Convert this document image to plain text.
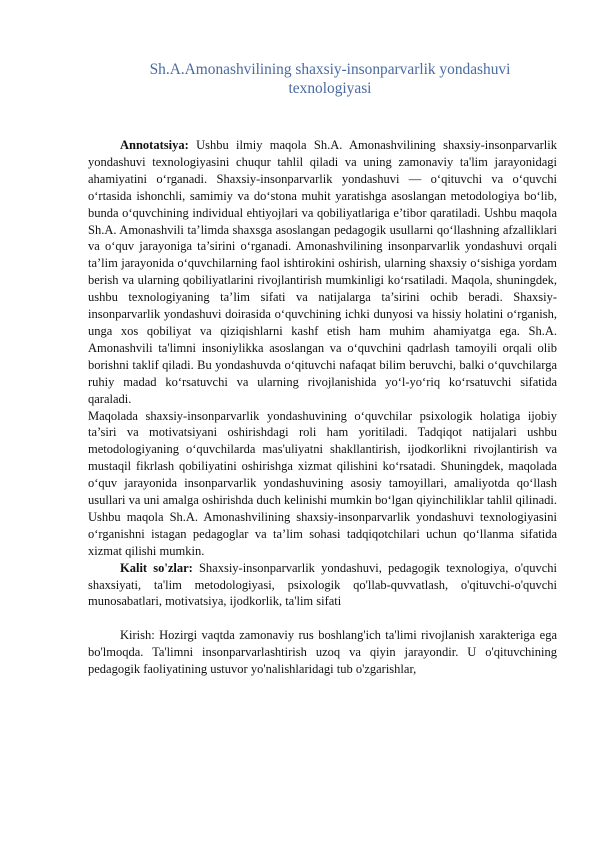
Sh.A.Amonashvilining shaxsiy-insonparvarlik yondashuvi
texnologiyasi

Annotatsiya: Ushbu ilmiy maqola Sh.A. Amonashvilining shaxsiy-insonparvarlik yondashuvi texnologiyasini chuqur tahlil qiladi va uning zamonaviy ta'lim jarayonidagi ahamiyatini o‘rganadi. Shaxsiy-insonparvarlik yondashuvi — o‘qituvchi va o‘quvchi o‘rtasida ishonchli, samimiy va do‘stona muhit yaratishga asoslangan metodologiya bo‘lib, bunda o‘quvchining individual ehtiyojlari va qobiliyatlariga e’tibor qaratiladi. Ushbu maqola Sh.A. Amonashvili ta’limda shaxsga asoslangan pedagogik usullarni qo‘llashning afzalliklari va o‘quv jarayoniga ta’sirini o‘rganadi. Amonashvilining insonparvarlik yondashuvi orqali ta’lim jarayonida o‘quvchilarning faol ishtirokini oshirish, ularning shaxsiy o‘sishiga yordam berish va ularning qobiliyatlarini rivojlantirish mumkinligi ko‘rsatiladi. Maqola, shuningdek, ushbu texnologiyaning ta’lim sifati va natijalarga ta’sirini ochib beradi. Shaxsiy-insonparvarlik yondashuvi doirasida o‘quvchining ichki dunyosi va hissiy holatini o‘rganish, unga xos qobiliyat va qiziqishlarni kashf etish ham muhim ahamiyatga ega. Sh.A. Amonashvili ta'limni insoniylikka asoslangan va o‘quvchini qadrlash tamoyili orqali olib borishni taklif qiladi. Bu yondashuvda o‘qituvchi nafaqat bilim beruvchi, balki o‘quvchilarga ruhiy madad ko‘rsatuvchi va ularning rivojlanishida yo‘l-yo‘riq ko‘rsatuvchi sifatida qaraladi.

Maqolada shaxsiy-insonparvarlik yondashuvining o‘quvchilar psixologik holatiga ijobiy ta’siri va motivatsiyani oshirishdagi roli ham yoritiladi. Tadqiqot natijalari ushbu metodologiyaning o‘quvchilarda mas'uliyatni shakllantirish, ijodkorlikni rivojlantirish va mustaqil fikrlash qobiliyatini oshirishga xizmat qilishini ko‘rsatadi. Shuningdek, maqolada o‘quv jarayonida insonparvarlik yondashuvining asosiy tamoyillari, amaliyotda qo‘llash usullari va uni amalga oshirishda duch kelinishi mumkin bo‘lgan qiyinchiliklar tahlil qilinadi. Ushbu maqola Sh.A. Amonashvilining shaxsiy-insonparvarlik yondashuvi texnologiyasini o‘rganishni istagan pedagoglar va ta’lim sohasi tadqiqotchilari uchun qo‘llanma sifatida xizmat qilishi mumkin.

Kalit so'zlar: Shaxsiy-insonparvarlik yondashuvi, pedagogik texnologiya, o'quvchi shaxsiyati, ta'lim metodologiyasi, psixologik qo'llab-quvvatlash, o'qituvchi-o'quvchi munosabatlari, motivatsiya, ijodkorlik, ta'lim sifati

Kirish: Hozirgi vaqtda zamonaviy rus boshlang'ich ta'limi rivojlanish xarakteriga ega bo'lmoqda. Ta'limni insonparvarlashtirish uzoq va qiyin jarayondir. U o'qituvchining pedagogik faoliyatining ustuvor yo'nalishlaridagi tub o'zgarishlar,
